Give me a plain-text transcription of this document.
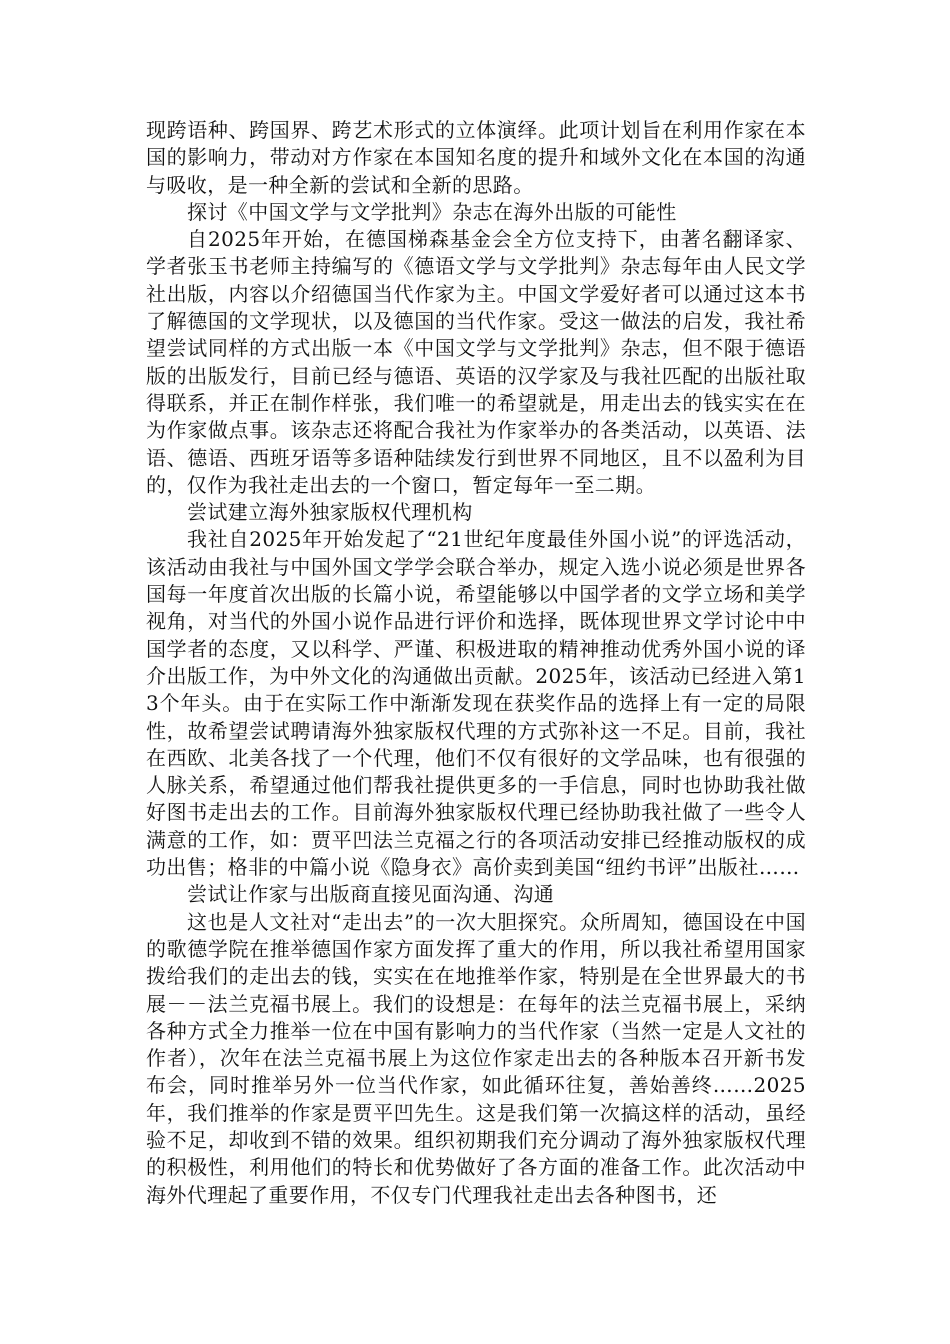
现跨语种、跨国界、跨艺术形式的立体演绎。此项计划旨在利用作家在本国的影响力，带动对方作家在本国知名度的提升和域外文化在本国的沟通与吸收，是一种全新的尝试和全新的思路。

探讨《中国文学与文学批判》杂志在海外出版的可能性

自2025年开始，在德国梯森基金会全方位支持下，由著名翻译家、学者张玉书老师主持编写的《德语文学与文学批判》杂志每年由人民文学社出版，内容以介绍德国当代作家为主。中国文学爱好者可以通过这本书了解德国的文学现状，以及德国的当代作家。受这一做法的启发，我社希望尝试同样的方式出版一本《中国文学与文学批判》杂志，但不限于德语版的出版发行，目前已经与德语、英语的汉学家及与我社匹配的出版社取得联系，并正在制作样张，我们唯一的希望就是，用走出去的钱实实在在为作家做点事。该杂志还将配合我社为作家举办的各类活动，以英语、法语、德语、西班牙语等多语种陆续发行到世界不同地区，且不以盈利为目的，仅作为我社走出去的一个窗口，暂定每年一至二期。

尝试建立海外独家版权代理机构

我社自2025年开始发起了“21世纪年度最佳外国小说”的评选活动，该活动由我社与中国外国文学学会联合举办，规定入选小说必须是世界各国每一年度首次出版的长篇小说，希望能够以中国学者的文学立场和美学视角，对当代的外国小说作品进行评价和选择，既体现世界文学讨论中中国学者的态度，又以科学、严谨、积极进取的精神推动优秀外国小说的译介出版工作，为中外文化的沟通做出贡献。2025年，该活动已经进入第13个年头。由于在实际工作中渐渐发现在获奖作品的选择上有一定的局限性，故希望尝试聘请海外独家版权代理的方式弥补这一不足。目前，我社在西欧、北美各找了一个代理，他们不仅有很好的文学品味，也有很强的人脉关系，希望通过他们帮我社提供更多的一手信息，同时也协助我社做好图书走出去的工作。目前海外独家版权代理已经协助我社做了一些令人满意的工作，如：贾平凹法兰克福之行的各项活动安排已经推动版权的成功出售；格非的中篇小说《隐身衣》高价卖到美国“纽约书评”出版社……

尝试让作家与出版商直接见面沟通、沟通

这也是人文社对“走出去”的一次大胆探究。众所周知，德国设在中国的歌德学院在推举德国作家方面发挥了重大的作用，所以我社希望用国家拨给我们的走出去的钱，实实在在地推举作家，特别是在全世界最大的书展－－法兰克福书展上。我们的设想是：在每年的法兰克福书展上，采纳各种方式全力推举一位在中国有影响力的当代作家（当然一定是人文社的作者），次年在法兰克福书展上为这位作家走出去的各种版本召开新书发布会，同时推举另外一位当代作家，如此循环往复，善始善终……2025年，我们推举的作家是贾平凹先生。这是我们第一次搞这样的活动，虽经验不足，却收到不错的效果。组织初期我们充分调动了海外独家版权代理的积极性，利用他们的特长和优势做好了各方面的准备工作。此次活动中海外代理起了重要作用，不仅专门代理我社走出去各种图书，还
